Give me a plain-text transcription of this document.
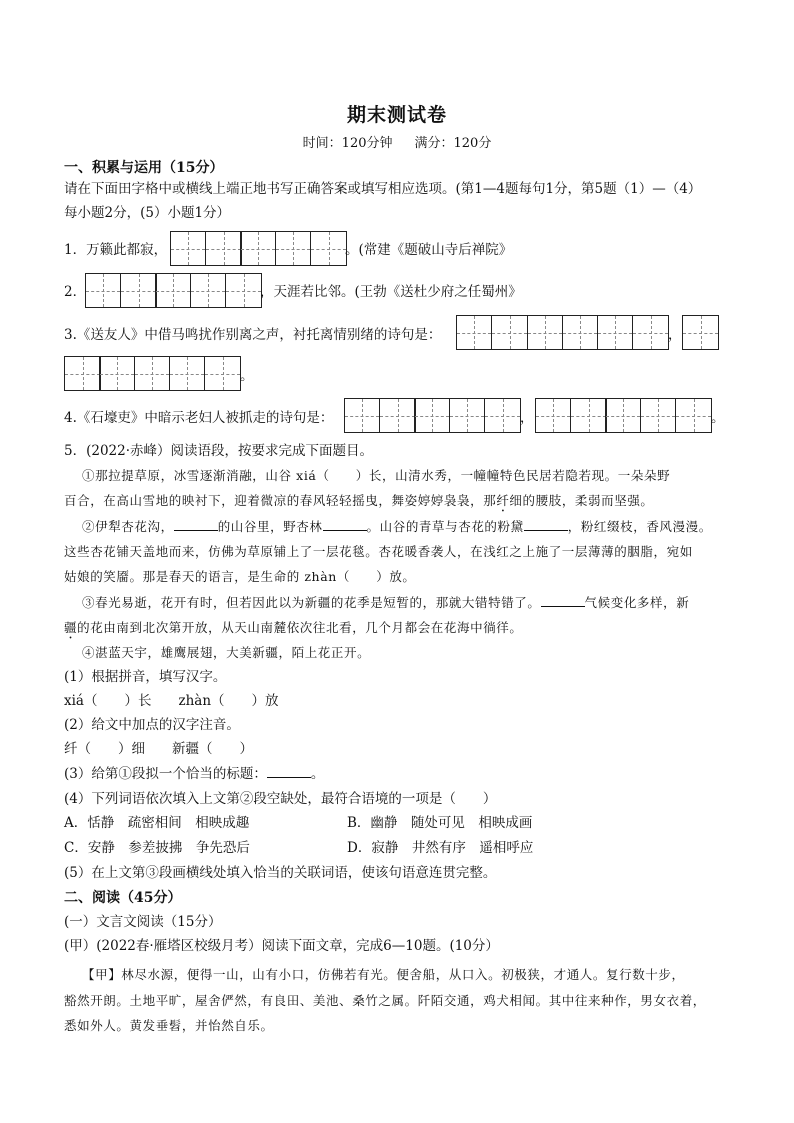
期末测试卷
时间：120分钟 满分：120分
一、积累与运用（15分）
请在下面田字格中或横线上端正地书写正确答案或填写相应选项。(第1—4题每句1分，第5题（1）—（4）
每小题2分，(5）小题1分）
1．万籁此都寂，	。(常建《题破山寺后禅院》
2．	，天涯若比邻。(王勃《送杜少府之任蜀州》
3.《送友人》中借马鸣扰作别离之声，衬托离情别绪的诗句是：	，
。
4.《石壕吏》中暗示老妇人被抓走的诗句是：	，	。
5．(2022·赤峰）阅读语段，按要求完成下面题目。
①那拉提草原，冰雪逐渐消融，山谷 xiá（　　）长，山清水秀，一幢幢特色民居若隐若现。一朵朵野
百合，在高山雪地的映衬下，迎着微凉的春风轻轻摇曳，舞姿婷婷袅袅，那纤细的腰肢，柔弱而坚强。
②伊犁杏花沟，	的山谷里，野杏林	。山谷的青草与杏花的粉黛	，粉红缀枝，香风漫漫。
这些杏花铺天盖地而来，仿佛为草原铺上了一层花毯。杏花暖香袭人，在浅红之上施了一层薄薄的胭脂，宛如
姑娘的笑靥。那是春天的语言，是生命的 zhàn（　　）放。
③春光易逝，花开有时，但若因此以为新疆的花季是短暂的，那就大错特错了。	气候变化多样，新
疆的花由南到北次第开放，从天山南麓依次往北看，几个月都会在花海中徜徉。
④湛蓝天宇，雄鹰展翅，大美新疆，陌上花正开。
(1）根据拼音，填写汉字。
xiá（　　）长　　zhàn（　　）放
(2）给文中加点的汉字注音。
纤（　　）细　　新疆（　　）
(3）给第①段拟一个恰当的标题：	。
(4）下列词语依次填入上文第②段空缺处，最符合语境的一项是（　　）
A．恬静　疏密相间　相映成趣	B．幽静　随处可见　相映成画
C．安静　参差披拂　争先恐后	D．寂静　井然有序　遥相呼应
(5）在上文第③段画横线处填入恰当的关联词语，使该句语意连贯完整。
二、阅读（45分）
(一）文言文阅读（15分）
(甲）(2022春·雁塔区校级月考）阅读下面文章，完成6—10题。(10分）
【甲】林尽水源，便得一山，山有小口，仿佛若有光。便舍船，从口入。初极狭，才通人。复行数十步，
豁然开朗。土地平旷，屋舍俨然，有良田、美池、桑竹之属。阡陌交通，鸡犬相闻。其中往来种作，男女衣着，
悉如外人。黄发垂髫，并怡然自乐。
